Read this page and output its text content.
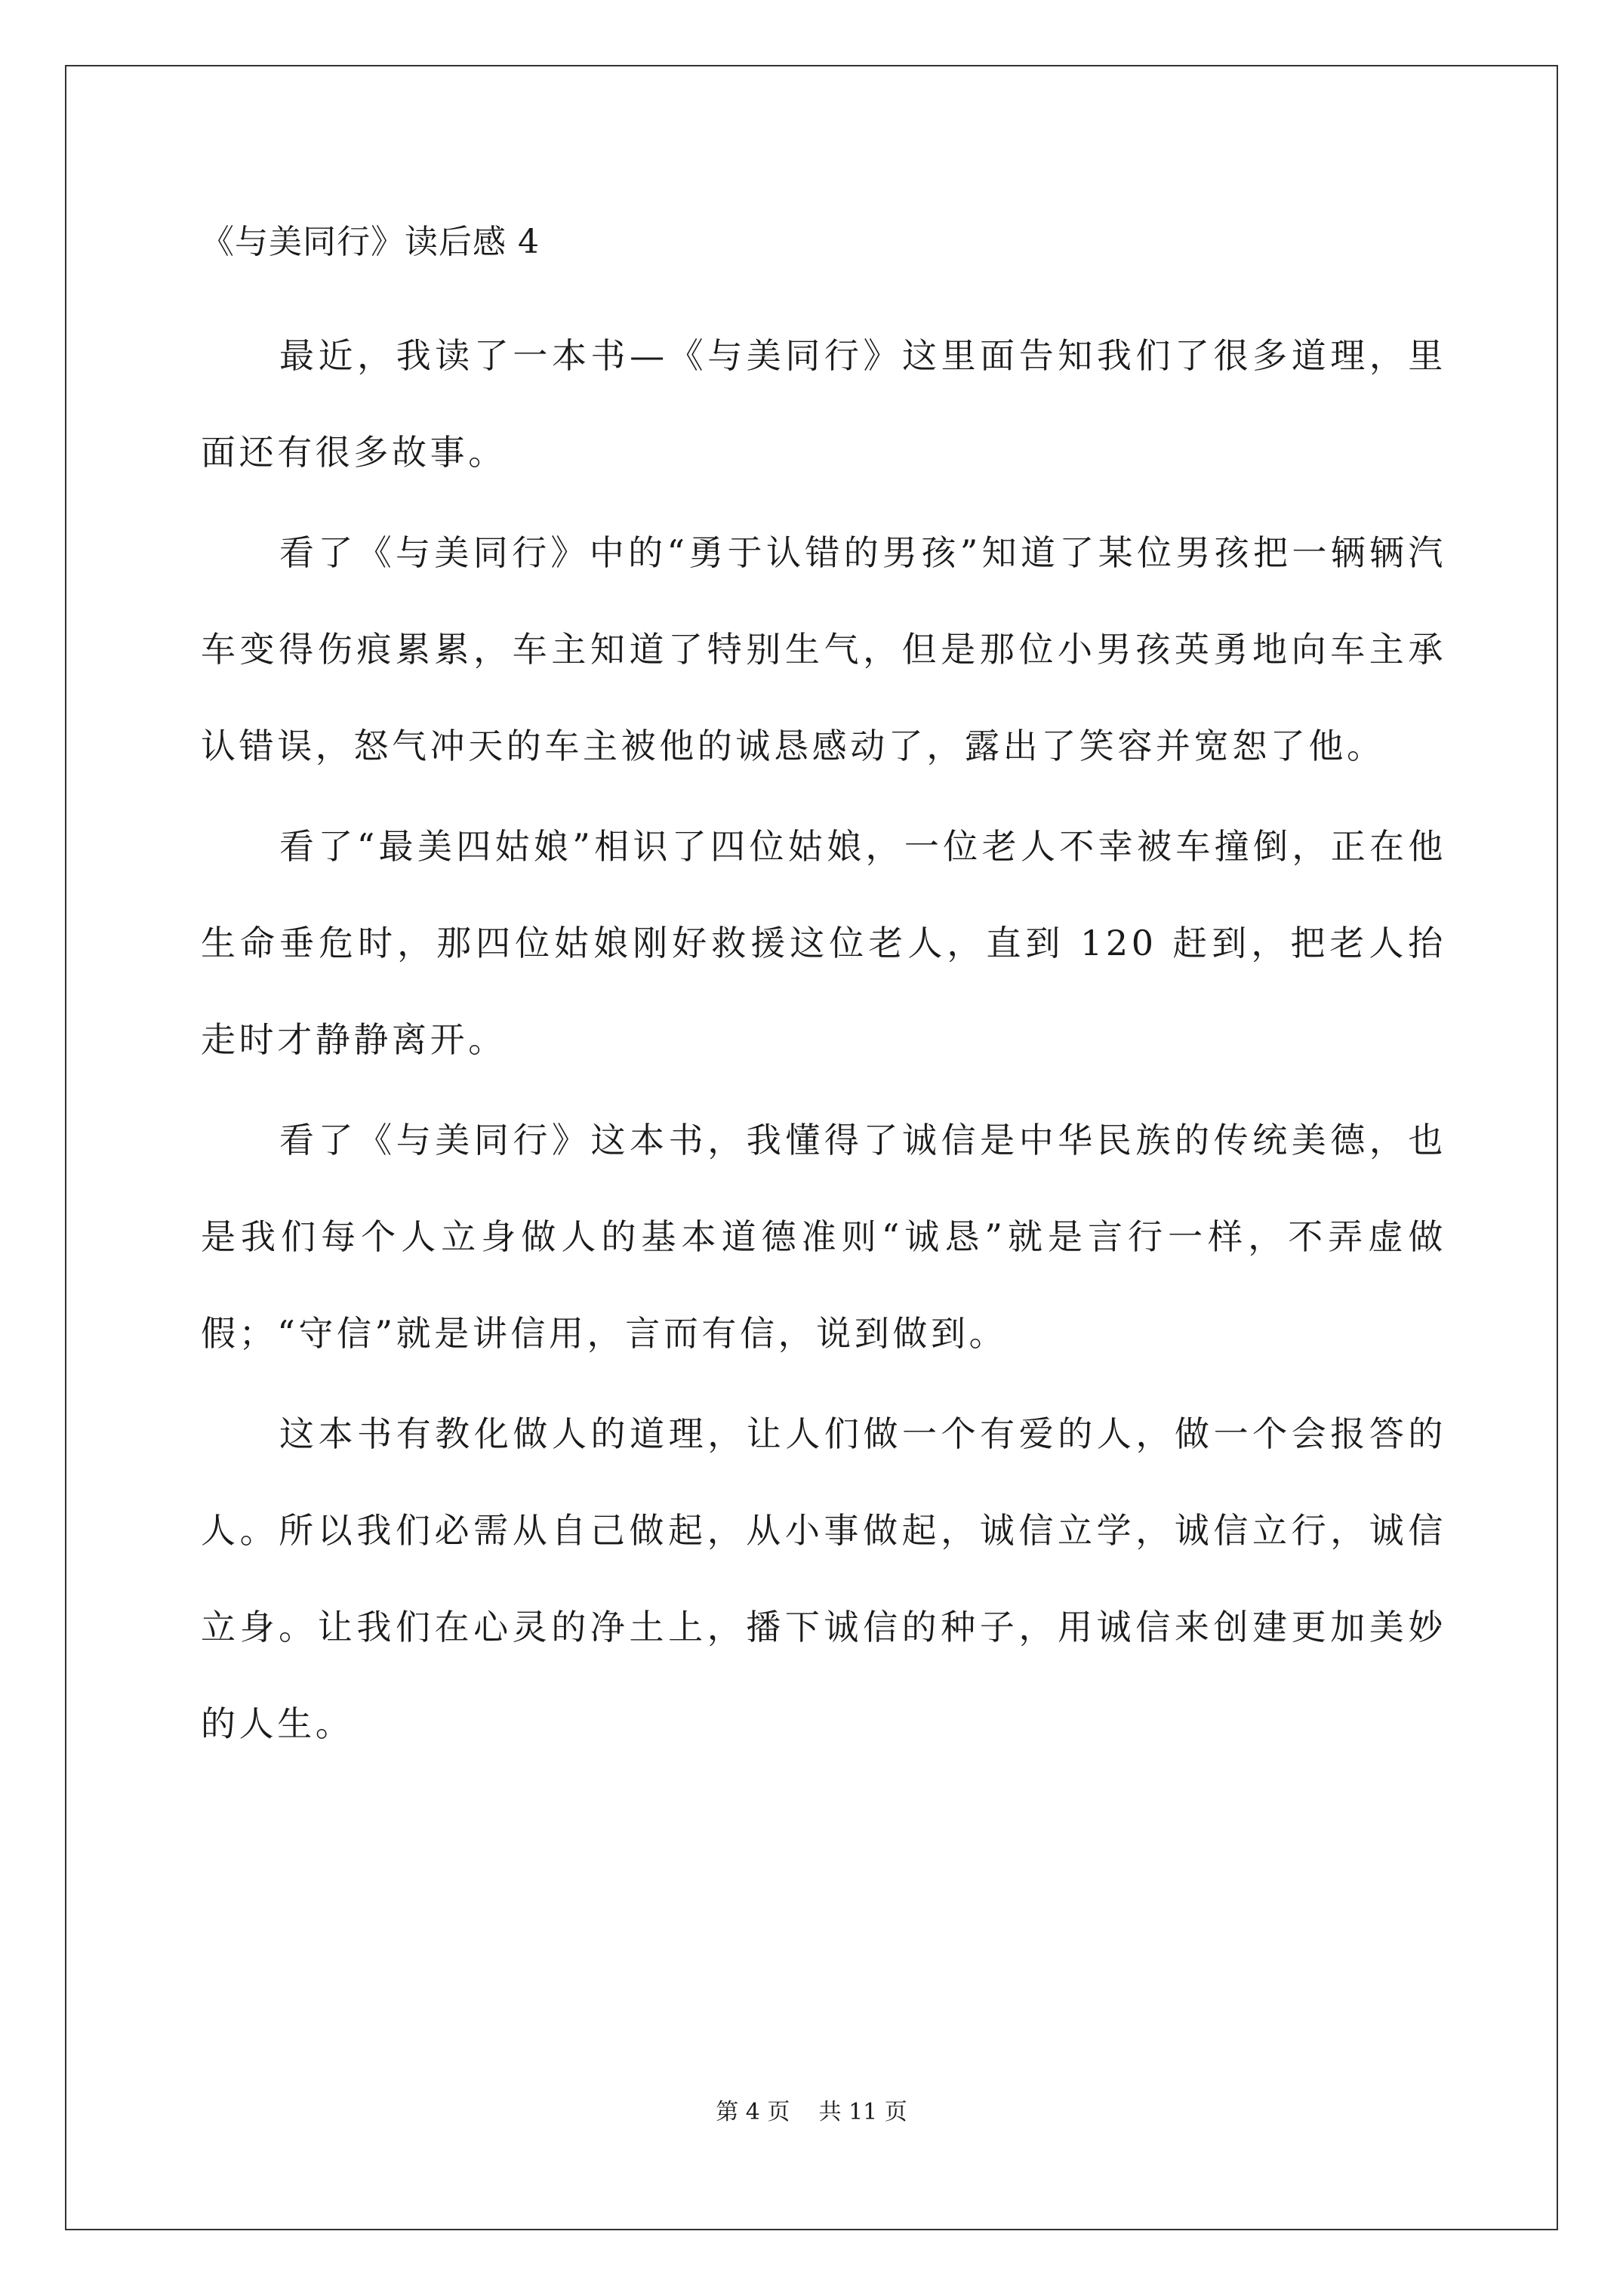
《与美同行》读后感 4

最近，我读了一本书—《与美同行》这里面告知我们了很多道理，里面还有很多故事。

看了《与美同行》中的“勇于认错的男孩”知道了某位男孩把一辆辆汽车变得伤痕累累，车主知道了特别生气，但是那位小男孩英勇地向车主承认错误，怒气冲天的车主被他的诚恳感动了，露出了笑容并宽恕了他。

看了“最美四姑娘”相识了四位姑娘，一位老人不幸被车撞倒，正在他生命垂危时，那四位姑娘刚好救援这位老人，直到 120 赶到，把老人抬走时才静静离开。

看了《与美同行》这本书，我懂得了诚信是中华民族的传统美德，也是我们每个人立身做人的基本道德准则“诚恳”就是言行一样，不弄虚做假；“守信”就是讲信用，言而有信，说到做到。

这本书有教化做人的道理，让人们做一个有爱的人，做一个会报答的人。所以我们必需从自己做起，从小事做起，诚信立学，诚信立行，诚信立身。让我们在心灵的净土上，播下诚信的种子，用诚信来创建更加美妙的人生。

第 4 页 共 11 页
